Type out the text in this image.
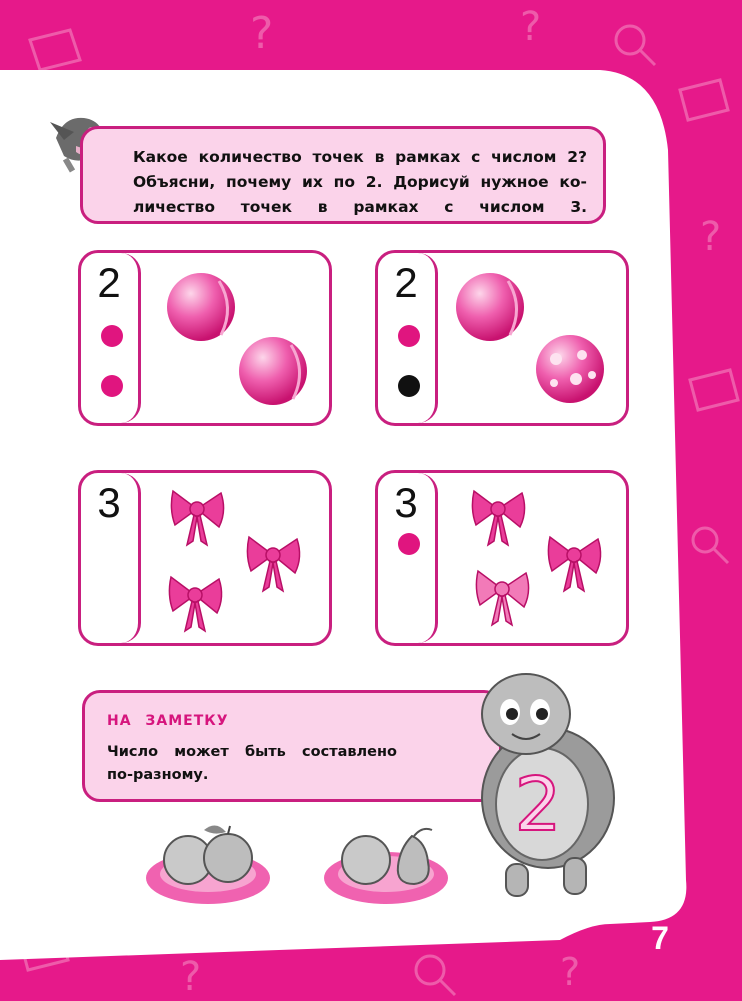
?	?
?
?	?
Какое количество точек в рамках с числом 2?
Объясни, почему их по 2. Дорисуй нужное ко-
личество точек в рамках с числом 3.
2	2
3	3
НА ЗАМЕТКУ
Число может быть составлено
по-разному.	2
7
